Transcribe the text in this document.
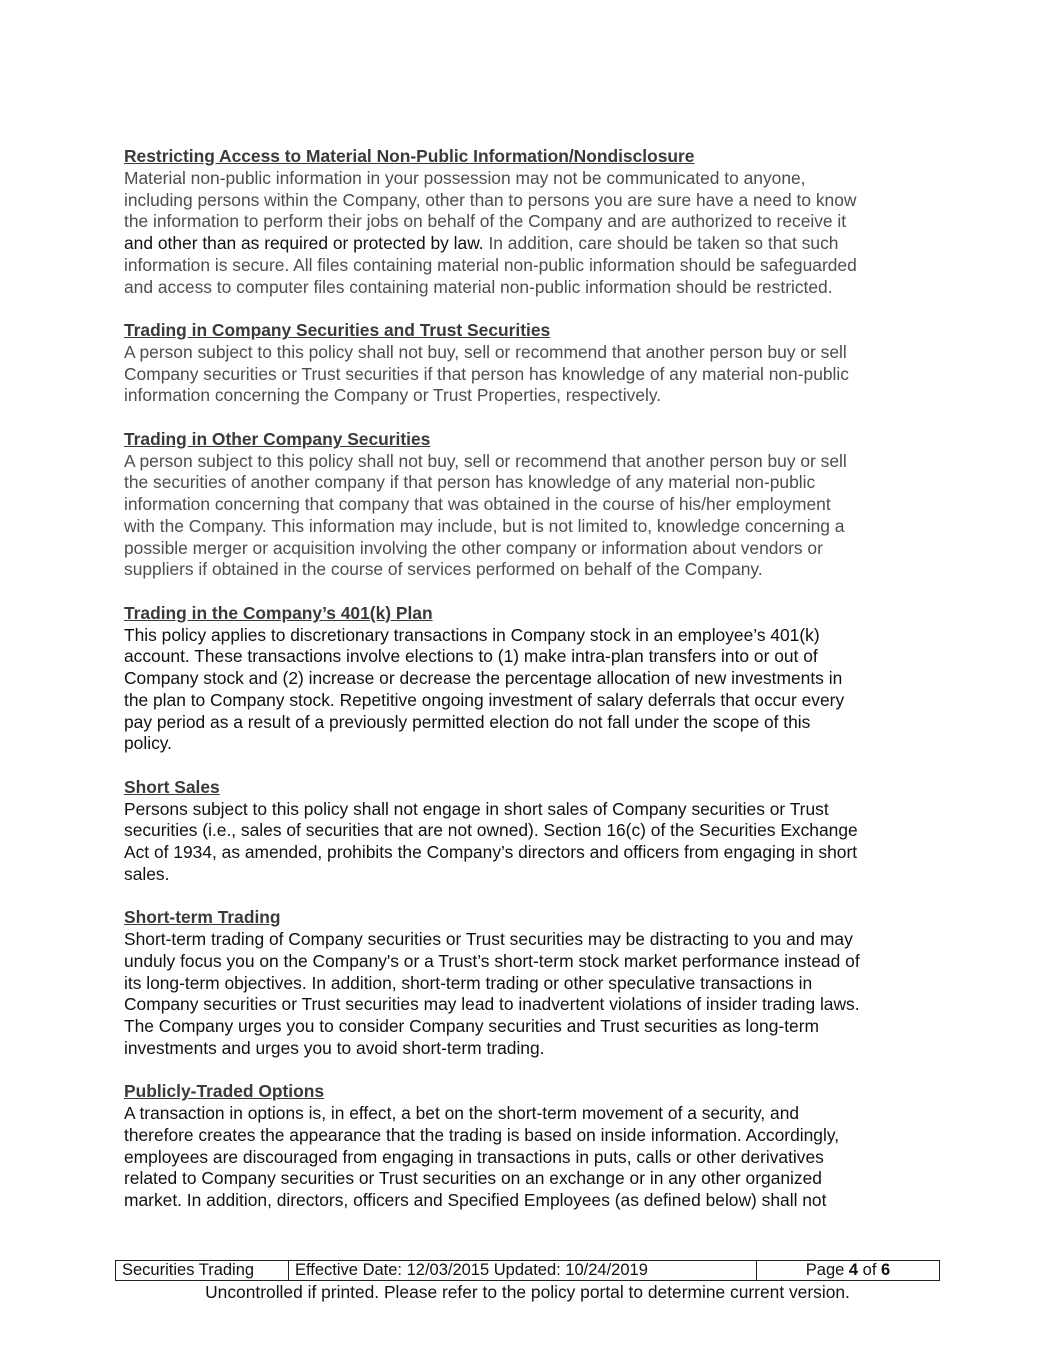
Restricting Access to Material Non-Public Information/Nondisclosure
Material non-public information in your possession may not be communicated to anyone,
including persons within the Company, other than to persons you are sure have a need to know
the information to perform their jobs on behalf of the Company and are authorized to receive it
and other than as required or protected by law. In addition, care should be taken so that such
information is secure. All files containing material non-public information should be safeguarded
and access to computer files containing material non-public information should be restricted.
Trading in Company Securities and Trust Securities
A person subject to this policy shall not buy, sell or recommend that another person buy or sell
Company securities or Trust securities if that person has knowledge of any material non-public
information concerning the Company or Trust Properties, respectively.
Trading in Other Company Securities
A person subject to this policy shall not buy, sell or recommend that another person buy or sell
the securities of another company if that person has knowledge of any material non-public
information concerning that company that was obtained in the course of his/her employment
with the Company. This information may include, but is not limited to, knowledge concerning a
possible merger or acquisition involving the other company or information about vendors or
suppliers if obtained in the course of services performed on behalf of the Company.
Trading in the Company’s 401(k) Plan
This policy applies to discretionary transactions in Company stock in an employee’s 401(k)
account. These transactions involve elections to (1) make intra-plan transfers into or out of
Company stock and (2) increase or decrease the percentage allocation of new investments in
the plan to Company stock. Repetitive ongoing investment of salary deferrals that occur every
pay period as a result of a previously permitted election do not fall under the scope of this
policy.
Short Sales
Persons subject to this policy shall not engage in short sales of Company securities or Trust
securities (i.e., sales of securities that are not owned). Section 16(c) of the Securities Exchange
Act of 1934, as amended, prohibits the Company’s directors and officers from engaging in short
sales.
Short-term Trading
Short-term trading of Company securities or Trust securities may be distracting to you and may
unduly focus you on the Company's or a Trust’s short-term stock market performance instead of
its long-term objectives. In addition, short-term trading or other speculative transactions in
Company securities or Trust securities may lead to inadvertent violations of insider trading laws.
The Company urges you to consider Company securities and Trust securities as long-term
investments and urges you to avoid short-term trading.
Publicly-Traded Options
A transaction in options is, in effect, a bet on the short-term movement of a security, and
therefore creates the appearance that the trading is based on inside information. Accordingly,
employees are discouraged from engaging in transactions in puts, calls or other derivatives
related to Company securities or Trust securities on an exchange or in any other organized
market. In addition, directors, officers and Specified Employees (as defined below) shall not
Securities Trading	Effective Date: 12/03/2015 Updated: 10/24/2019	Page 4 of 6
Uncontrolled if printed. Please refer to the policy portal to determine current version.
